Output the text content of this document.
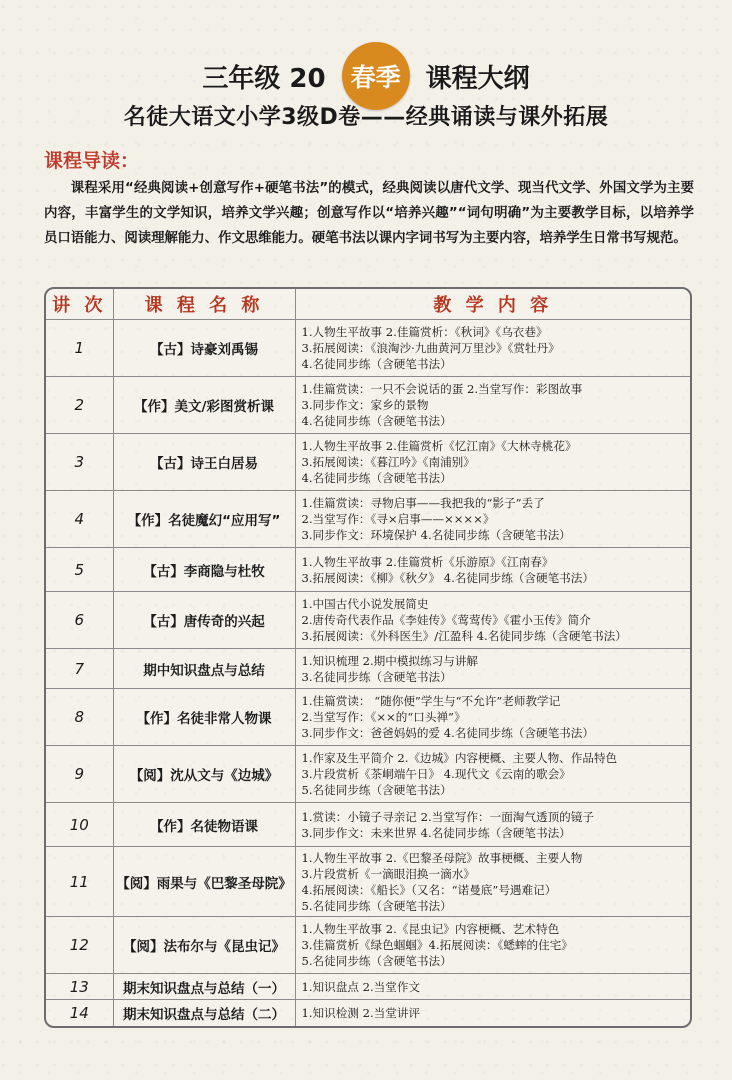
三年级 20 春季 课程大纲
名徒大语文小学3级D卷——经典诵读与课外拓展
课程导读：
课程采用“经典阅读+创意写作+硬笔书法”的模式，经典阅读以唐代文学、现当代文学、外国文学为主要内容，丰富学生的文学知识，培养文学兴趣；创意写作以“培养兴趣”“词句明确”为主要教学目标，以培养学员口语能力、阅读理解能力、作文思维能力。硬笔书法以课内字词书写为主要内容，培养学生日常书写规范。
讲 次	课 程 名 称	教 学 内 容
1	【古】诗豪刘禹锡	1.人物生平故事 2.佳篇赏析：《秋词》《乌衣巷》
3.拓展阅读：《浪淘沙·九曲黄河万里沙》《赏牡丹》
4.名徒同步练（含硬笔书法）

2	【作】美文/彩图赏析课	1.佳篇赏读：一只不会说话的蛋 2.当堂写作：彩图故事
3.同步作文：家乡的景物
4.名徒同步练（含硬笔书法）

3	【古】诗王白居易	1.人物生平故事 2.佳篇赏析《忆江南》《大林寺桃花》
3.拓展阅读：《暮江吟》《南浦别》
4.名徒同步练（含硬笔书法）

4	【作】名徒魔幻“应用写”	1.佳篇赏读：寻物启事——我把我的“影子”丢了
2.当堂写作：《寻×启事——××××》
3.同步作文：环境保护 4.名徒同步练（含硬笔书法）

5	【古】李商隐与杜牧	1.人物生平故事 2.佳篇赏析《乐游原》《江南春》
3.拓展阅读：《柳》《秋夕》 4.名徒同步练（含硬笔书法）

6	【古】唐传奇的兴起	1.中国古代小说发展简史
2.唐传奇代表作品《李娃传》《莺莺传》《霍小玉传》简介
3.拓展阅读：《外科医生》/江盈科 4.名徒同步练（含硬笔书法）

7	期中知识盘点与总结	1.知识梳理 2.期中模拟练习与讲解
3.名徒同步练（含硬笔书法）

8	【作】名徒非常人物课	1.佳篇赏读： “随你便”学生与“不允许”老师教学记
2.当堂写作：《××的“口头禅”》
3.同步作文：爸爸妈妈的爱 4.名徒同步练（含硬笔书法）

9	【阅】沈从文与《边城》	1.作家及生平简介 2.《边城》内容梗概、主要人物、作品特色
3.片段赏析《茶峒端午日》 4.现代文《云南的歌会》
5.名徒同步练（含硬笔书法）

10	【作】名徒物语课	1.赏读：小镜子寻亲记 2.当堂写作：一面淘气透顶的镜子
3.同步作文：未来世界 4.名徒同步练（含硬笔书法）

11	【阅】雨果与《巴黎圣母院》	1.人物生平故事 2.《巴黎圣母院》故事梗概、主要人物
3.片段赏析《一滴眼泪换一滴水》
4.拓展阅读：《船长》（又名：“诺曼底”号遇难记）
5.名徒同步练（含硬笔书法）

12	【阅】法布尔与《昆虫记》	1.人物生平故事 2.《昆虫记》内容梗概、艺术特色
3.佳篇赏析《绿色蝈蝈》4.拓展阅读：《蟋蟀的住宅》
5.名徒同步练（含硬笔书法）

13	期末知识盘点与总结（一）	1.知识盘点 2.当堂作文

14	期末知识盘点与总结（二）	1.知识检测 2.当堂讲评
